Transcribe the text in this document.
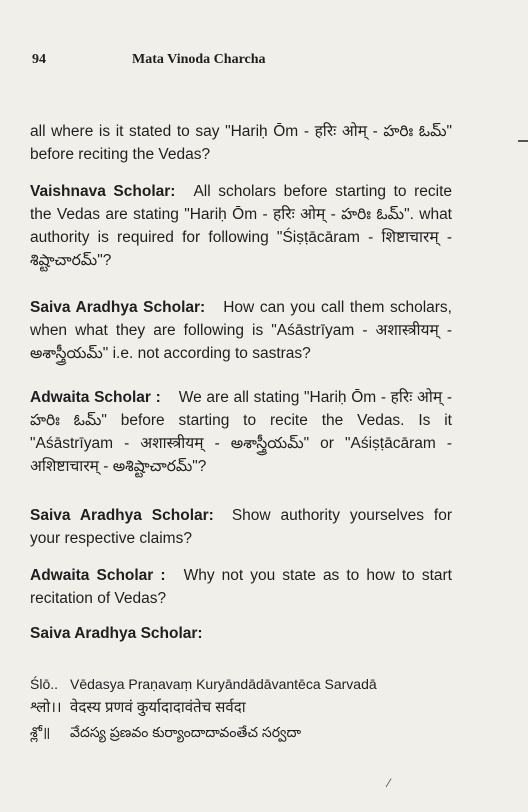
94	Mata Vinoda Charcha

all where is it stated to say "Hariḥ Ōm - हरिः ओम् - హరిః ఓమ్" before reciting the Vedas?

Vaishnava Scholar: All scholars before starting to recite the Vedas are stating "Hariḥ Ōm - हरिः ओम् - హరిః ఓమ్". what authority is required for following "Śiṣṭācāram - शिष्टाचारम् - శిష్టాచారమ్"?

Saiva Aradhya Scholar: How can you call them scholars, when what they are following is "Aśāstrīyam - अशास्त्रीयम् - అశాస్త్రీయమ్" i.e. not according to sastras?

Adwaita Scholar : We are all stating "Hariḥ Ōm - हरिः ओम् - హరిః ఓమ్" before starting to recite the Vedas. Is it "Aśāstrīyam - अशास्त्रीयम् - అశాస్త్రీయమ్" or "Aśiṣṭācāram - अशिष्टाचारम् - అశిష్టాచారమ్"?

Saiva Aradhya Scholar: Show authority yourselves for your respective claims?

Adwaita Scholar : Why not you state as to how to start recitation of Vedas?

Saiva Aradhya Scholar:

Ślō.. Vēdasya Praṇavaṃ Kuryāndādāvantēca Sarvadā
श्लो।। वेदस्य प्रणवं कुर्यादादावंतेच सर्वदा
శ్లో॥ వేదస్య ప్రణవం కుర్యాందాదావంతేచ సర్వదా
⁄
